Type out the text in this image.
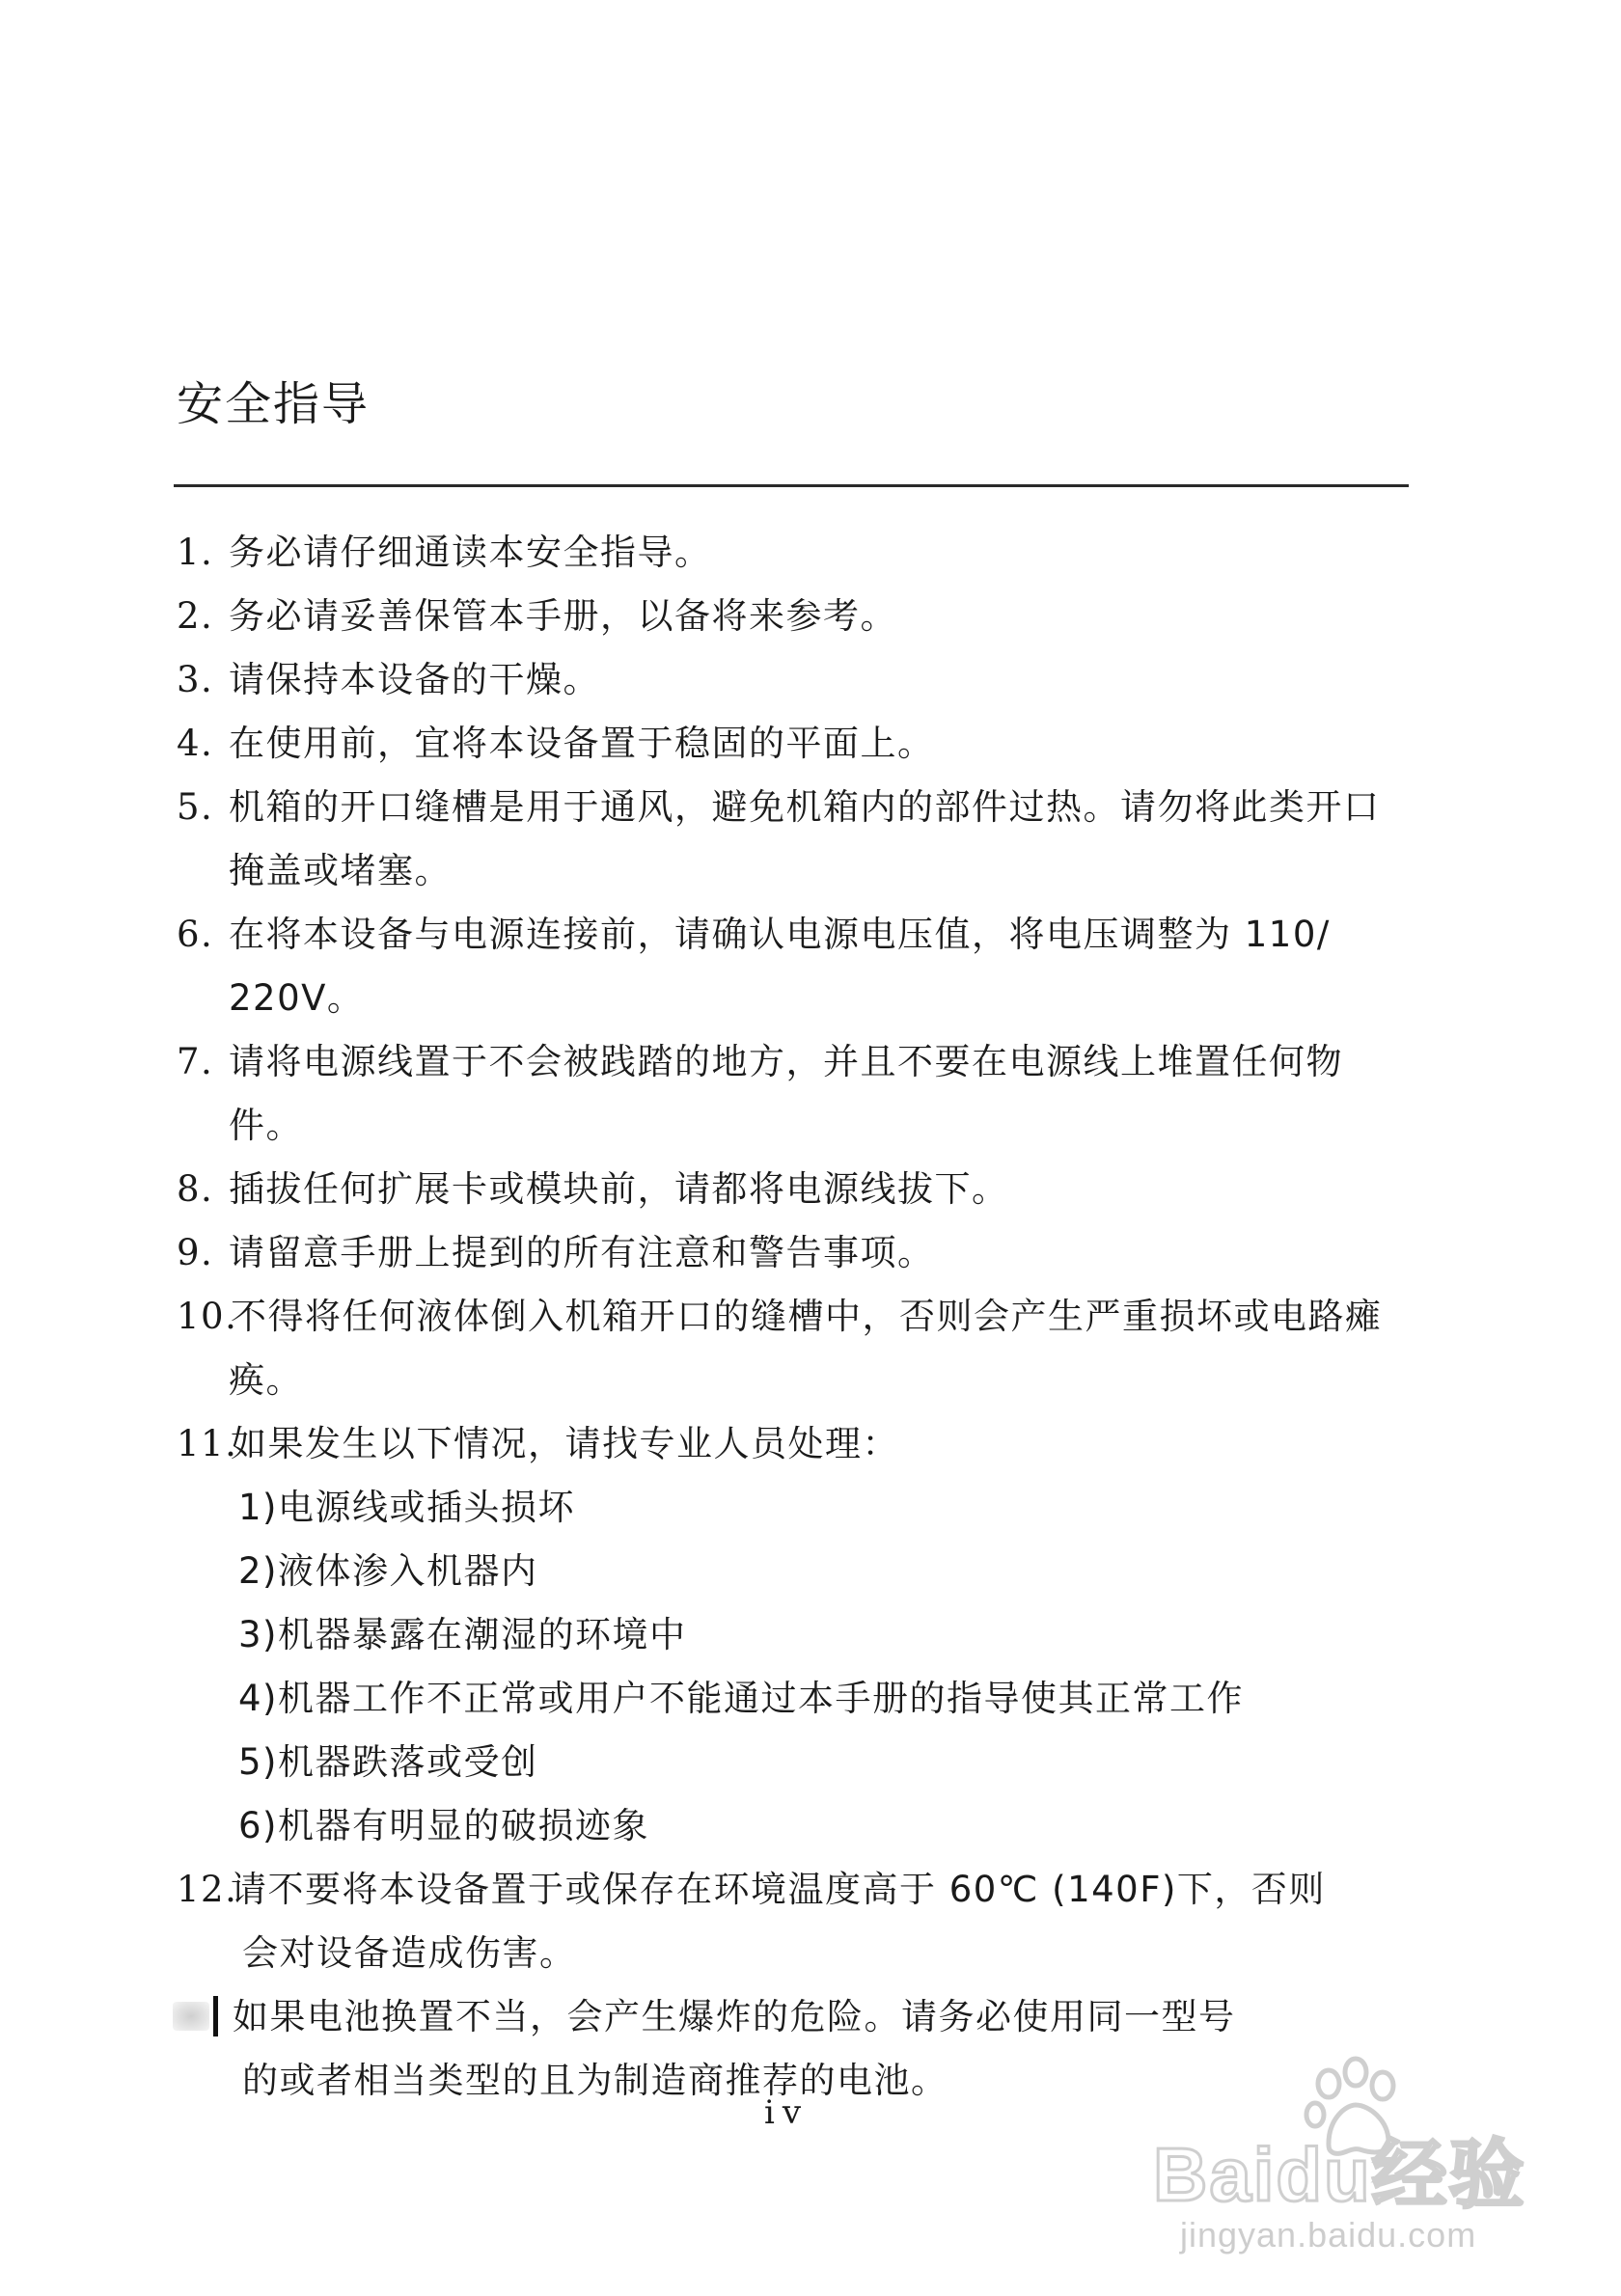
安全指导
1. 务必请仔细通读本安全指导。
2. 务必请妥善保管本手册，以备将来参考。
3. 请保持本设备的干燥。
4. 在使用前，宜将本设备置于稳固的平面上。
5. 机箱的开口缝槽是用于通风，避免机箱内的部件过热。请勿将此类开口
掩盖或堵塞。
6. 在将本设备与电源连接前，请确认电源电压值，将电压调整为 110/
220V。
7. 请将电源线置于不会被践踏的地方，并且不要在电源线上堆置任何物
件。
8. 插拔任何扩展卡或模块前，请都将电源线拔下。
9. 请留意手册上提到的所有注意和警告事项。
10.不得将任何液体倒入机箱开口的缝槽中，否则会产生严重损坏或电路瘫
痪。
11.如果发生以下情况，请找专业人员处理：
1)电源线或插头损坏
2)液体渗入机器内
3)机器暴露在潮湿的环境中
4)机器工作不正常或用户不能通过本手册的指导使其正常工作
5)机器跌落或受创
6)机器有明显的破损迹象
12.请不要将本设备置于或保存在环境温度高于 60℃ (140F)下，否则
会对设备造成伤害。
如果电池换置不当，会产生爆炸的危险。请务必使用同一型号
的或者相当类型的且为制造商推荐的电池。
iv
Baidu经验
jingyan.baidu.com
